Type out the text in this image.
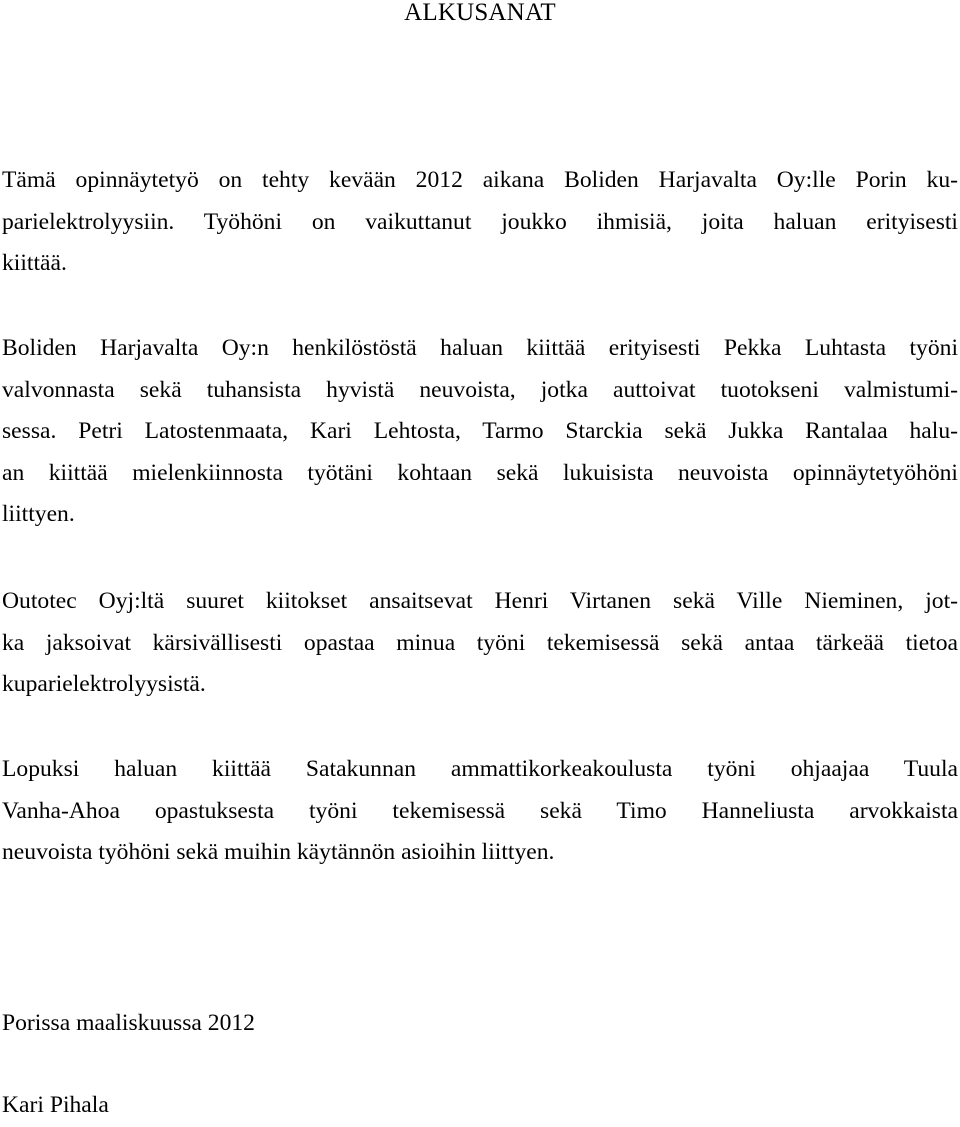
ALKUSANAT

Tämä opinnäytetyö on tehty kevään 2012 aikana Boliden Harjavalta Oy:lle Porin ku-
parielektrolyysiin. Työhöni on vaikuttanut joukko ihmisiä, joita haluan erityisesti
kiittää.

Boliden Harjavalta Oy:n henkilöstöstä haluan kiittää erityisesti Pekka Luhtasta työni
valvonnasta sekä tuhansista hyvistä neuvoista, jotka auttoivat tuotokseni valmistumi-
sessa. Petri Latostenmaata, Kari Lehtosta, Tarmo Starckia sekä Jukka Rantalaa halu-
an kiittää mielenkiinnosta työtäni kohtaan sekä lukuisista neuvoista opinnäytetyöhöni
liittyen.

Outotec Oyj:ltä suuret kiitokset ansaitsevat Henri Virtanen sekä Ville Nieminen, jot-
ka jaksoivat kärsivällisesti opastaa minua työni tekemisessä sekä antaa tärkeää tietoa
kuparielektrolyysistä.

Lopuksi haluan kiittää Satakunnan ammattikorkeakoulusta työni ohjaajaa Tuula
Vanha-Ahoa opastuksesta työni tekemisessä sekä Timo Hanneliusta arvokkaista
neuvoista työhöni sekä muihin käytännön asioihin liittyen.

Porissa maaliskuussa 2012

Kari Pihala
